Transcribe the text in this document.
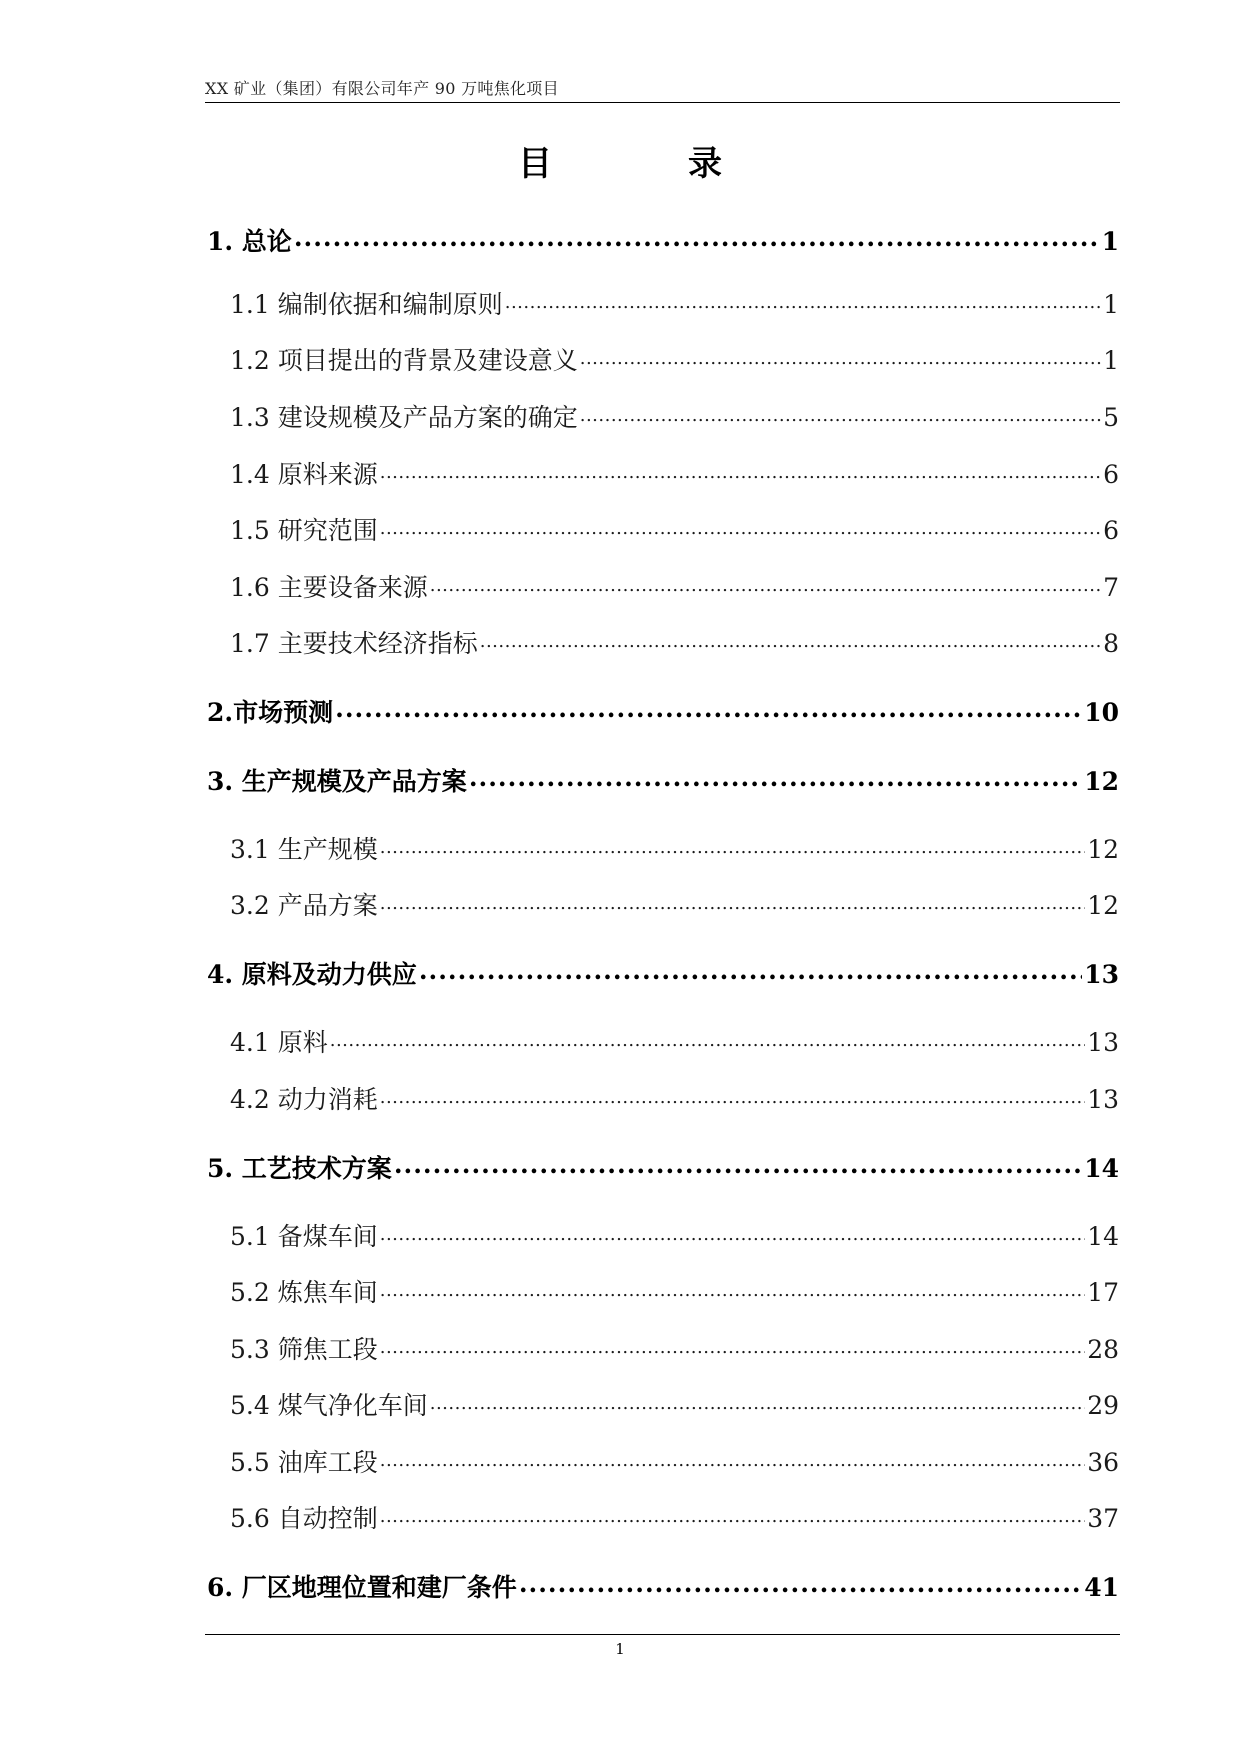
XX 矿业（集团）有限公司年产 90 万吨焦化项目
目	录
1. 总论 .....	1
1.1 编制依据和编制原则 .....	1
1.2 项目提出的背景及建设意义 .....	1
1.3 建设规模及产品方案的确定 .....	5
1.4 原料来源 .....	6
1.5 研究范围 .....	6
1.6 主要设备来源 .....	7
1.7 主要技术经济指标 .....	8
2.市场预测 .....	10
3. 生产规模及产品方案 .....	12
3.1 生产规模 .....	12
3.2 产品方案 .....	12
4. 原料及动力供应 .....	13
4.1 原料 .....	13
4.2 动力消耗 .....	13
5. 工艺技术方案 .....	14
5.1 备煤车间 .....	14
5.2 炼焦车间 .....	17
5.3 筛焦工段 .....	28
5.4 煤气净化车间 .....	29
5.5 油库工段 .....	36
5.6 自动控制 .....	37
6. 厂区地理位置和建厂条件 .....	41
1
